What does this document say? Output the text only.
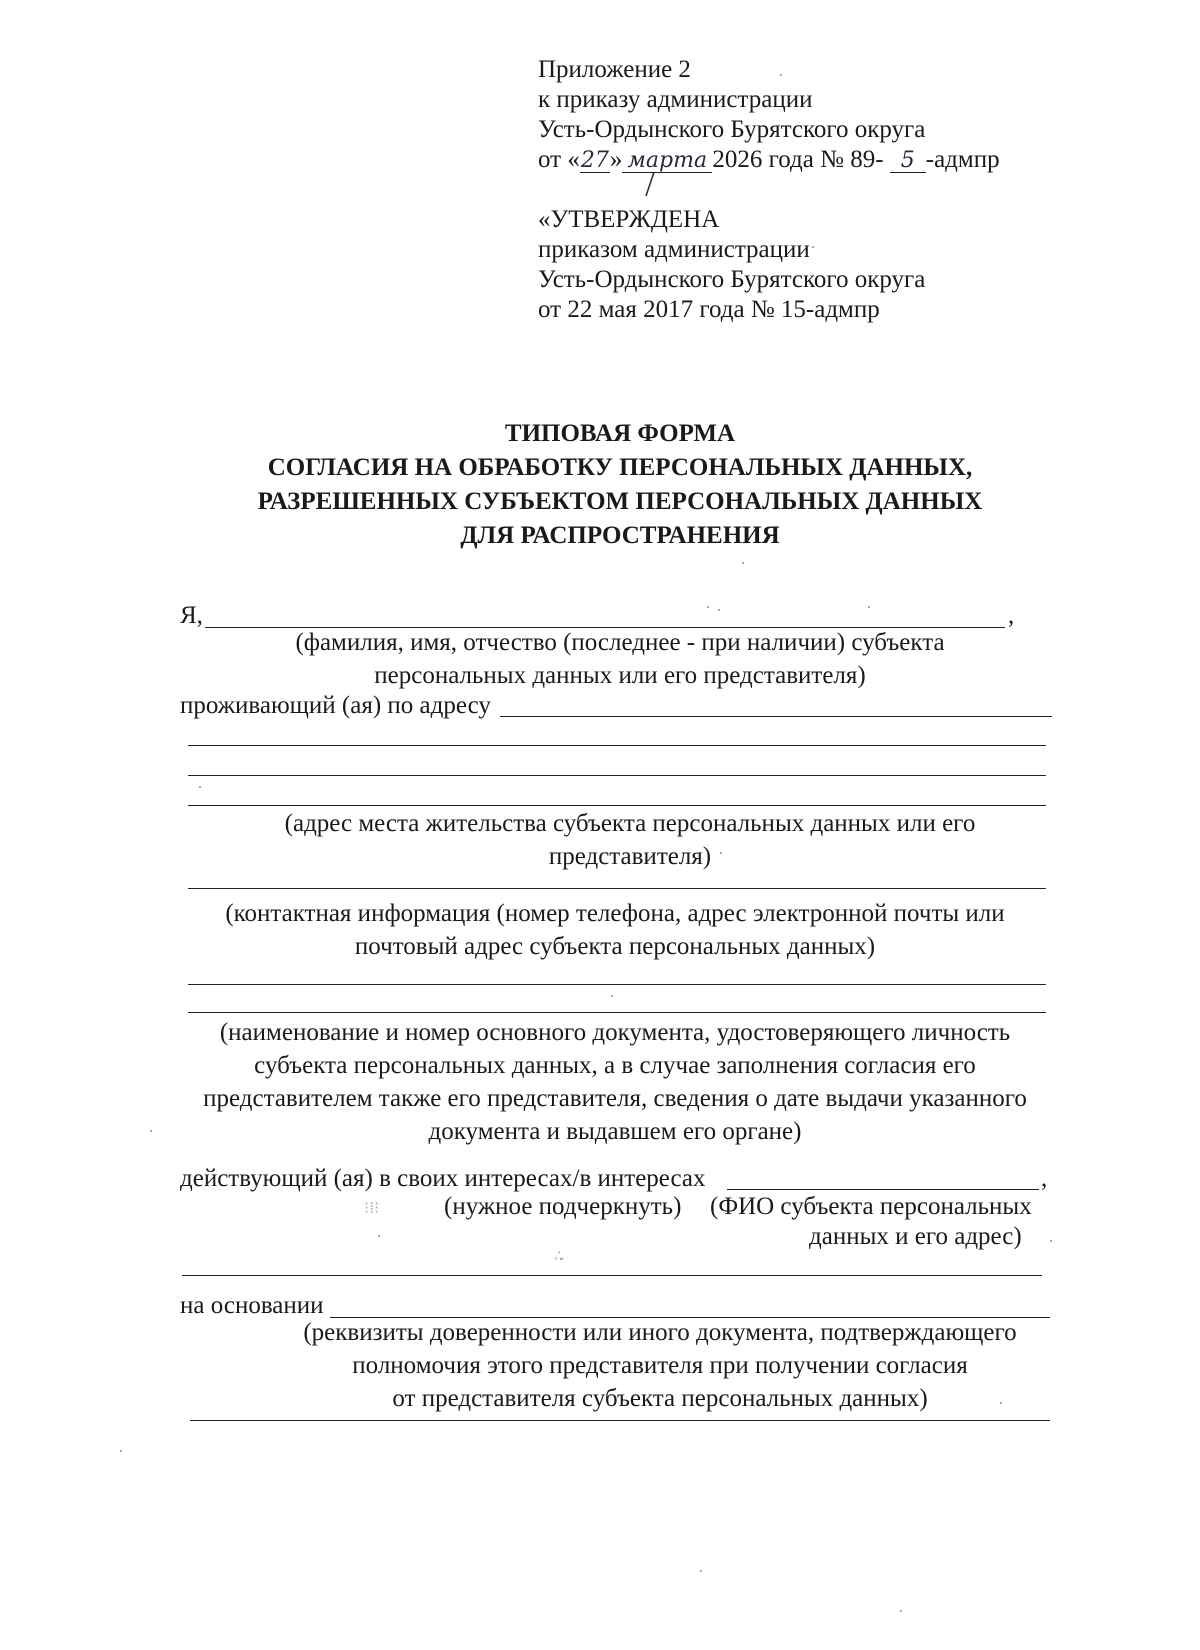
Приложение 2
к приказу администрации
Усть-Ордынского Бурятского округа
от «27
» марта 2026 года № 89- 5 -адмпр
«УТВЕРЖДЕНА
приказом администрации
Усть-Ордынского Бурятского округа
от 22 мая 2017 года № 15-адмпр
ТИПОВАЯ ФОРМА
СОГЛАСИЯ НА ОБРАБОТКУ ПЕРСОНАЛЬНЫХ ДАННЫХ,
РАЗРЕШЕННЫХ СУБЪЕКТОМ ПЕРСОНАЛЬНЫХ ДАННЫХ
ДЛЯ РАСПРОСТРАНЕНИЯ
Я,	,
(фамилия, имя, отчество (последнее - при наличии) субъекта
персональных данных или его представителя)
проживающий (ая) по адресу
(адрес места жительства субъекта персональных данных или его
представителя)
(контактная информация (номер телефона, адрес электронной почты или
почтовый адрес субъекта персональных данных)
(наименование и номер основного документа, удостоверяющего личность
субъекта персональных данных, а в случае заполнения согласия его
представителем также его представителя, сведения о дате выдачи указанного
документа и выдавшем его органе)
действующий (ая) в своих интересах/в интересах	,
(нужное подчеркнуть) (ФИО субъекта персональных
данных и его адрес)
на основании
(реквизиты доверенности или иного документа, подтверждающего
полномочия этого представителя при получении согласия
от представителя субъекта персональных данных)
⁝⁞⁝
∴
